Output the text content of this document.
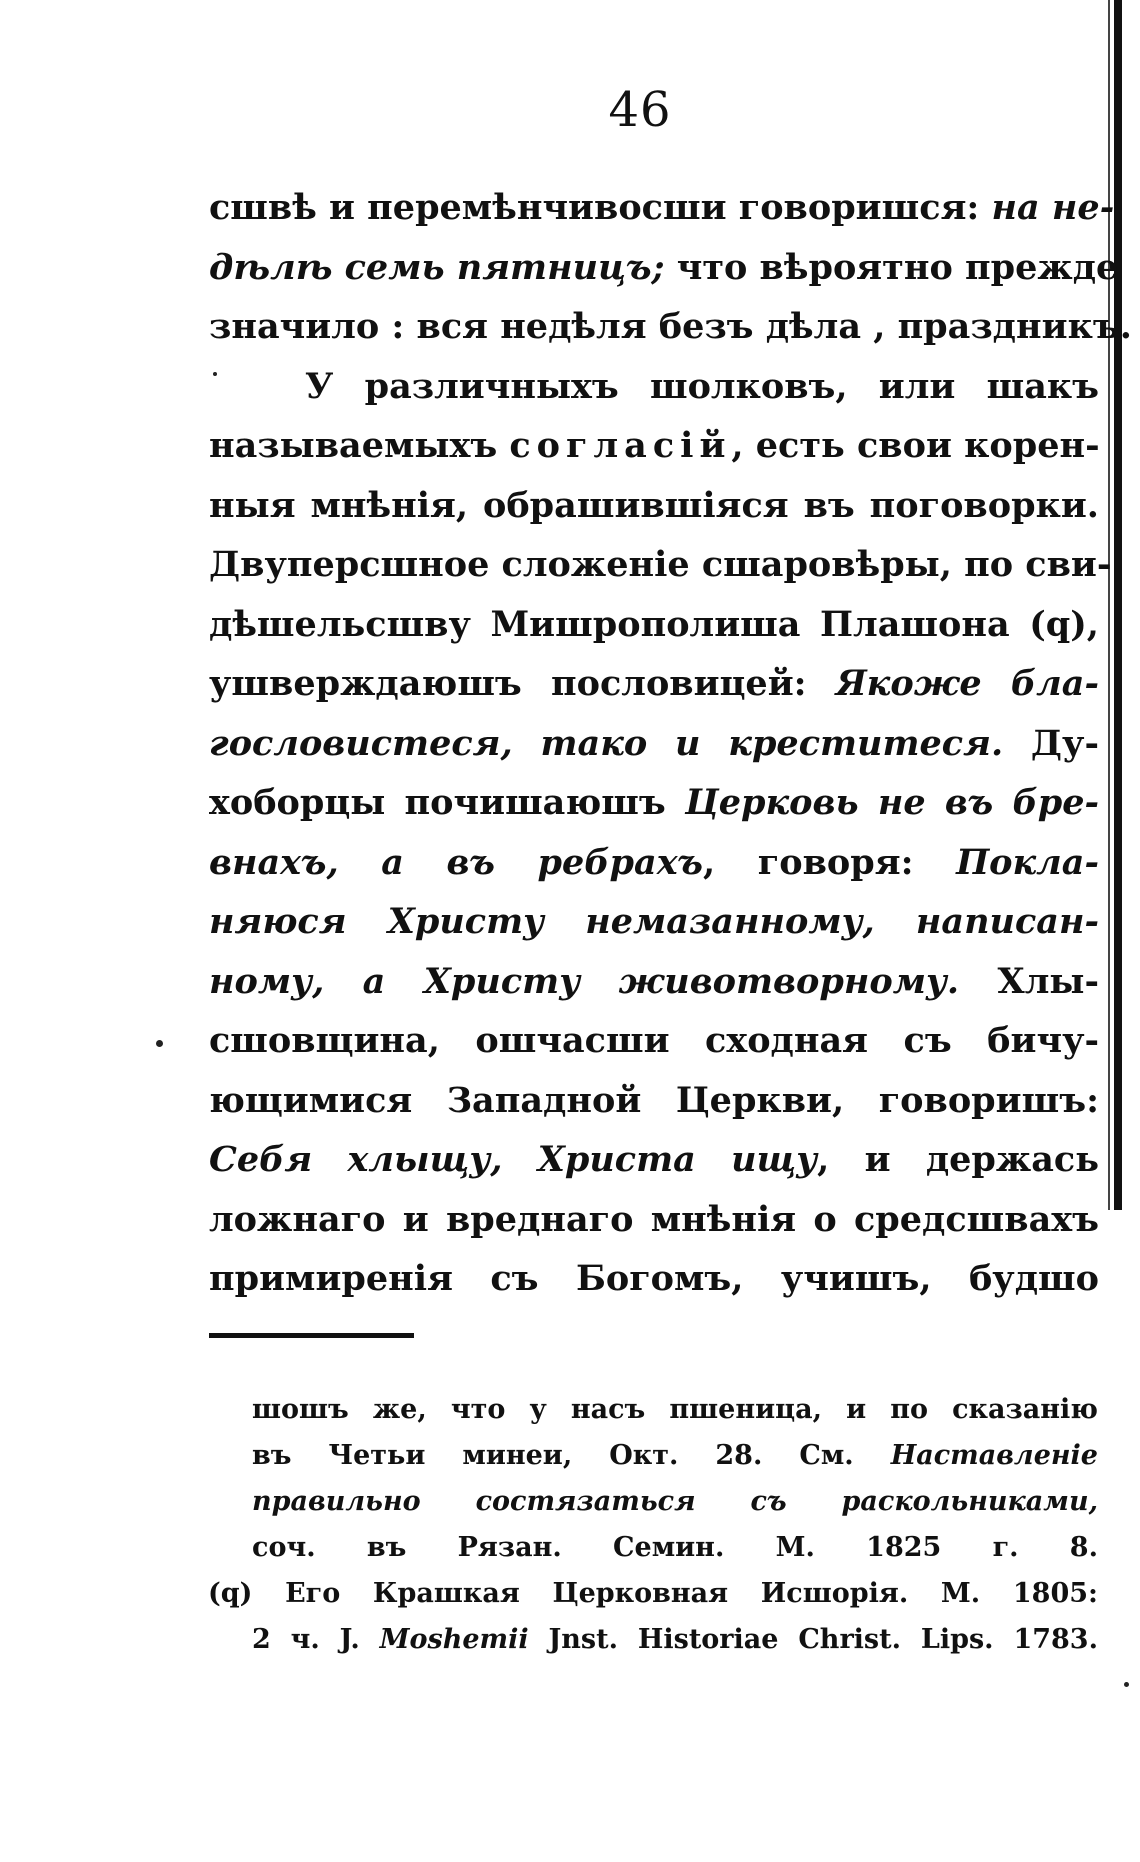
46
сшвѣ и перемѣнчивосши говоришся: на не-
дѣлѣ семь пятницъ; что вѣроятно прежде
значило : вся недѣля безъ дѣла , праздникъ.
У различныхъ шолковъ, или шакъ
называемыхъ согласій, есть свои корен-
ныя мнѣнія, обрашившіяся въ поговорки.
Двуперсшное сложеніе сшаровѣры, по сви-
дѣшельсшву Мишрополиша Плашона (q),
ушверждаюшъ пословицей: Якоже бла-
гословистеся, тако и креститеся. Ду-
хоборцы почишаюшъ Церковь не въ бре-
внахъ, а въ ребрахъ, говоря: Покла-
няюся Христу немазанному, написан-
ному, а Христу животворному. Хлы-
сшовщина, ошчасши сходная съ бичу-
ющимися Западной Церкви, говоришъ:
Себя хлыщу, Христа ищу, и держась
ложнаго и вреднаго мнѣнія о средсшвахъ
примиренія съ Богомъ, учишъ, будшо
шошъ же, что у насъ пшеница, и по сказанію
въ Четьи минеи, Окт. 28. См. Наставленіе
правильно состязаться съ раскольниками,
соч. въ Рязан. Семин. М. 1825 г. 8.
(q) Его Крашкая Церковная Исшорія. М. 1805:
2 ч. J. Moshemii Jnst. Historiae Christ. Lips. 1783.
